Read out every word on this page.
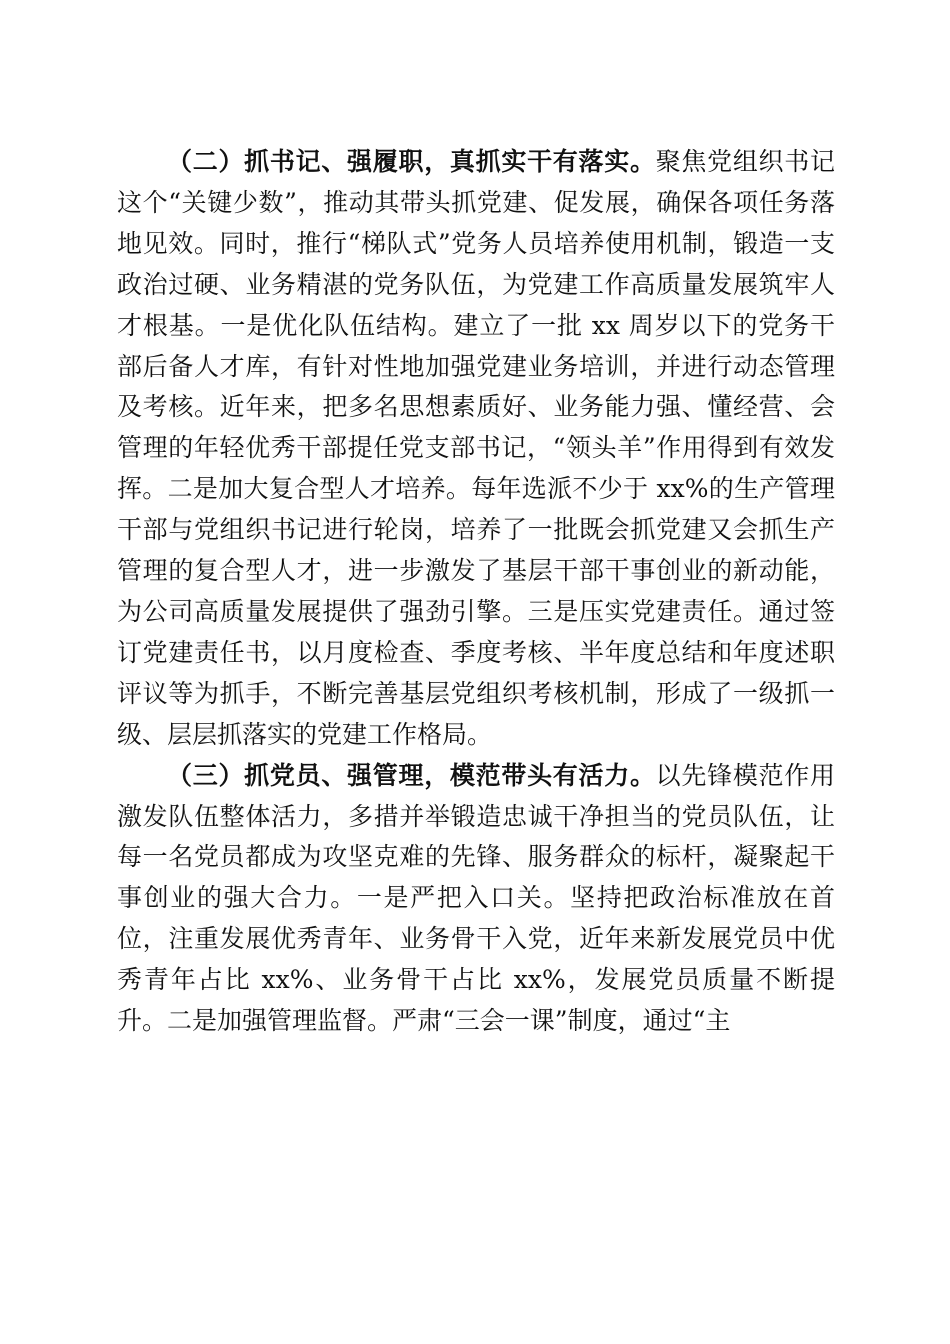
（二）抓书记、强履职，真抓实干有落实。聚焦党组织书记这个“关键少数”，推动其带头抓党建、促发展，确保各项任务落地见效。同时，推行“梯队式”党务人员培养使用机制，锻造一支政治过硬、业务精湛的党务队伍，为党建工作高质量发展筑牢人才根基。一是优化队伍结构。建立了一批 xx 周岁以下的党务干部后备人才库，有针对性地加强党建业务培训，并进行动态管理及考核。近年来，把多名思想素质好、业务能力强、懂经营、会管理的年轻优秀干部提任党支部书记，“领头羊”作用得到有效发挥。二是加大复合型人才培养。每年选派不少于 xx%的生产管理干部与党组织书记进行轮岗，培养了一批既会抓党建又会抓生产管理的复合型人才，进一步激发了基层干部干事创业的新动能，为公司高质量发展提供了强劲引擎。三是压实党建责任。通过签订党建责任书，以月度检查、季度考核、半年度总结和年度述职评议等为抓手，不断完善基层党组织考核机制，形成了一级抓一级、层层抓落实的党建工作格局。

（三）抓党员、强管理，模范带头有活力。以先锋模范作用激发队伍整体活力，多措并举锻造忠诚干净担当的党员队伍，让每一名党员都成为攻坚克难的先锋、服务群众的标杆，凝聚起干事创业的强大合力。一是严把入口关。坚持把政治标准放在首位，注重发展优秀青年、业务骨干入党，近年来新发展党员中优秀青年占比 xx%、业务骨干占比 xx%，发展党员质量不断提升。二是加强管理监督。严肃“三会一课”制度，通过“主
